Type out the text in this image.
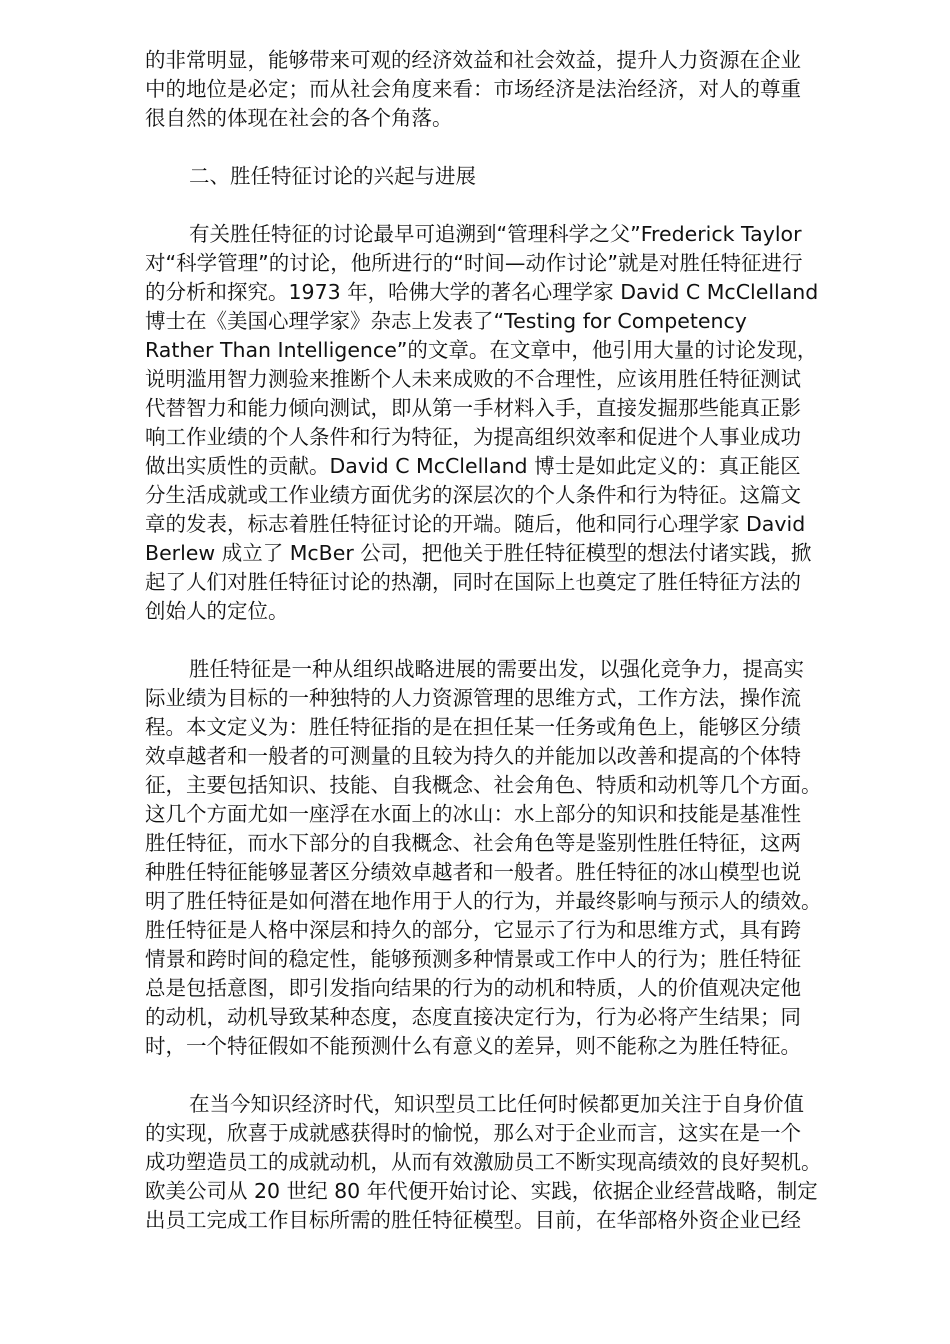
的非常明显，能够带来可观的经济效益和社会效益，提升人力资源在企业
中的地位是必定；而从社会角度来看：市场经济是法治经济，对人的尊重
很自然的体现在社会的各个角落。
二、胜任特征讨论的兴起与进展
有关胜任特征的讨论最早可追溯到“管理科学之父”Frederick Taylor
对“科学管理”的讨论，他所进行的“时间—动作讨论”就是对胜任特征进行
的分析和探究。1973 年，哈佛大学的著名心理学家 David C McClelland
博士在《美国心理学家》杂志上发表了“Testing for Competency
Rather Than Intelligence”的文章。在文章中，他引用大量的讨论发现，
说明滥用智力测验来推断个人未来成败的不合理性，应该用胜任特征测试
代替智力和能力倾向测试，即从第一手材料入手，直接发掘那些能真正影
响工作业绩的个人条件和行为特征，为提高组织效率和促进个人事业成功
做出实质性的贡献。David C McClelland 博士是如此定义的：真正能区
分生活成就或工作业绩方面优劣的深层次的个人条件和行为特征。这篇文
章的发表，标志着胜任特征讨论的开端。随后，他和同行心理学家 David
Berlew 成立了 McBer 公司，把他关于胜任特征模型的想法付诸实践，掀
起了人们对胜任特征讨论的热潮，同时在国际上也奠定了胜任特征方法的
创始人的定位。
胜任特征是一种从组织战略进展的需要出发，以强化竞争力，提高实
际业绩为目标的一种独特的人力资源管理的思维方式，工作方法，操作流
程。本文定义为：胜任特征指的是在担任某一任务或角色上，能够区分绩
效卓越者和一般者的可测量的且较为持久的并能加以改善和提高的个体特
征，主要包括知识、技能、自我概念、社会角色、特质和动机等几个方面。
这几个方面尤如一座浮在水面上的冰山：水上部分的知识和技能是基准性
胜任特征，而水下部分的自我概念、社会角色等是鉴别性胜任特征，这两
种胜任特征能够显著区分绩效卓越者和一般者。胜任特征的冰山模型也说
明了胜任特征是如何潜在地作用于人的行为，并最终影响与预示人的绩效。
胜任特征是人格中深层和持久的部分，它显示了行为和思维方式，具有跨
情景和跨时间的稳定性，能够预测多种情景或工作中人的行为；胜任特征
总是包括意图，即引发指向结果的行为的动机和特质，人的价值观决定他
的动机，动机导致某种态度，态度直接决定行为，行为必将产生结果；同
时，一个特征假如不能预测什么有意义的差异，则不能称之为胜任特征。
在当今知识经济时代，知识型员工比任何时候都更加关注于自身价值
的实现，欣喜于成就感获得时的愉悦，那么对于企业而言，这实在是一个
成功塑造员工的成就动机，从而有效激励员工不断实现高绩效的良好契机。
欧美公司从 20 世纪 80 年代便开始讨论、实践，依据企业经营战略，制定
出员工完成工作目标所需的胜任特征模型。目前，在华部格外资企业已经
